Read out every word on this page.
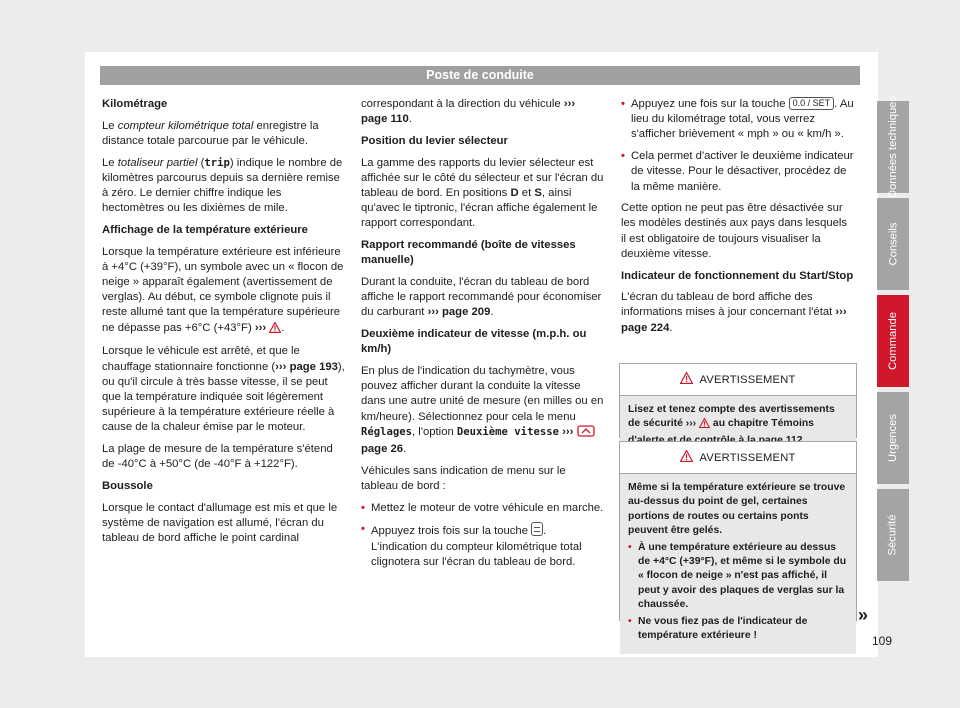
Poste de conduite

Kilométrage

Le compteur kilométrique total enregistre la distance totale parcourue par le véhicule.

Le totaliseur partiel (trip) indique le nombre de kilomètres parcourus depuis sa dernière remise à zéro. Le dernier chiffre indique les hectomètres ou les dixièmes de mile.

Affichage de la température extérieure

Lorsque la température extérieure est inférieure à +4°C (+39°F), un symbole avec un « flocon de neige » apparaît également (avertissement de verglas). Au début, ce symbole clignote puis il reste allumé tant que la température supérieure ne dépasse pas +6°C (+43°F) ››› .

Lorsque le véhicule est arrêté, et que le chauffage stationnaire fonctionne (››› page 193), ou qu'il circule à très basse vitesse, il se peut que la température indiquée soit légèrement supérieure à la température extérieure réelle à cause de la chaleur émise par le moteur.

La plage de mesure de la température s'étend de -40°C à +50°C (de -40°F à +122°F).

Boussole

Lorsque le contact d'allumage est mis et que le système de navigation est allumé, l'écran du tableau de bord affiche le point cardinal

correspondant à la direction du véhicule ››› page 110.

Position du levier sélecteur

La gamme des rapports du levier sélecteur est affichée sur le côté du sélecteur et sur l'écran du tableau de bord. En positions D et S, ainsi qu'avec le tiptronic, l'écran affiche également le rapport correspondant.

Rapport recommandé (boîte de vitesses manuelle)

Durant la conduite, l'écran du tableau de bord affiche le rapport recommandé pour économiser du carburant ››› page 209.

Deuxième indicateur de vitesse (m.p.h. ou km/h)

En plus de l'indication du tachymètre, vous pouvez afficher durant la conduite la vitesse dans une autre unité de mesure (en milles ou en km/heure). Sélectionnez pour cela le menu Réglages, l'option Deuxième vitesse ›››  page 26.

Véhicules sans indication de menu sur le tableau de bord :

• Mettez le moteur de votre véhicule en marche.

• Appuyez trois fois sur la touche . L'indication du compteur kilométrique total clignotera sur l'écran du tableau de bord.

• Appuyez une fois sur la touche 0.0 / SET . Au lieu du kilométrage total, vous verrez s'afficher brièvement « mph » ou « km/h ».

• Cela permet d'activer le deuxième indicateur de vitesse. Pour le désactiver, procédez de la même manière.

Cette option ne peut pas être désactivée sur les modèles destinés aux pays dans lesquels il est obligatoire de toujours visualiser la deuxième vitesse.

Indicateur de fonctionnement du Start/Stop

L'écran du tableau de bord affiche des informations mises à jour concernant l'état ››› page 224.

AVERTISSEMENT

Lisez et tenez compte des avertissements de sécurité ›››  au chapitre Témoins

AVERTISSEMENT

Même si la température extérieure se trouve au-dessus du point de gel, certaines portions de routes ou certains ponts peuvent être gelés.

• À une température extérieure au dessus de +4°C (+39°F), et même si le symbole du « flocon de neige » n'est pas affiché, il peut y avoir des plaques de verglas sur la chaussée.

• Ne vous fiez pas de l'indicateur de température extérieure !

»
109
Données techniques
Conseils
Commande
Urgences
Sécurité
